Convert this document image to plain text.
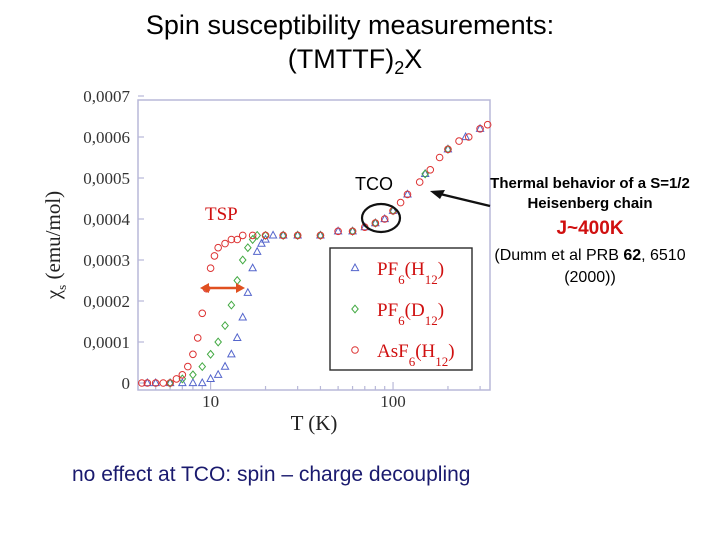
Spin susceptibility measurements:
$(TMTTF)_2X$
0
0,0001
0,0002
0,0003
0,0004
0,0005
0,0006
0,0007
10	100
$PF_6(H_{12})$
$PF_6(D_{12})$
$AsF_6(H_{12})$
T (K)
$\chi_s$ (emu/mol)
TCO
TSP
Thermal behavior of a S=1/2 Heisenberg chain
J~400K
(Dumm et al PRB 62, 6510 (2000))
no effect at TCO: spin – charge decoupling
